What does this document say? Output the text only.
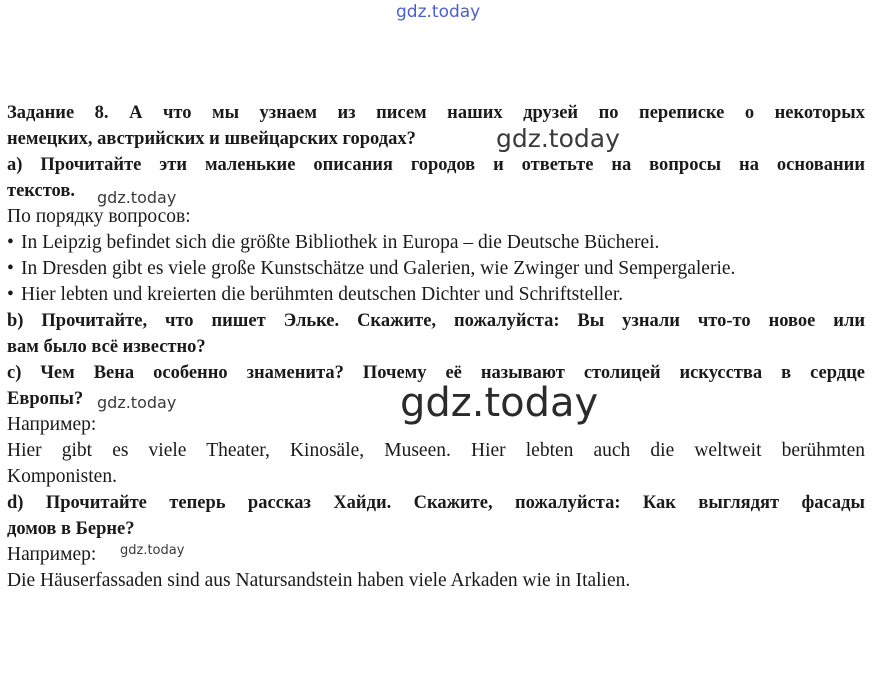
gdz.today
Задание 8. А что мы узнаем из писем наших друзей по переписке о некоторых
немецких, австрийских и швейцарских городах?
а) Прочитайте эти маленькие описания городов и ответьте на вопросы на основании
текстов.
По порядку вопросов:
• In Leipzig befindet sich die größte Bibliothek in Europa – die Deutsche Bücherei.
• In Dresden gibt es viele große Kunstschätze und Galerien, wie Zwinger und Sempergalerie.
• Hier lebten und kreierten die berühmten deutschen Dichter und Schriftsteller.
b) Прочитайте, что пишет Эльке. Скажите, пожалуйста: Вы узнали что-то новое или
вам было всё известно?
c) Чем Вена особенно знаменита? Почему её называют столицей искусства в сердце
Европы?
Например:
Hier gibt es viele Theater, Kinosäle, Museen. Hier lebten auch die weltweit berühmten
Komponisten.
d) Прочитайте теперь рассказ Хайди. Скажите, пожалуйста: Как выглядят фасады
домов в Берне?
Например:
Die Häuserfassaden sind aus Natursandstein haben viele Arkaden wie in Italien.
gdz.today
gdz.today
gdz.today	gdz.today
gdz.today
